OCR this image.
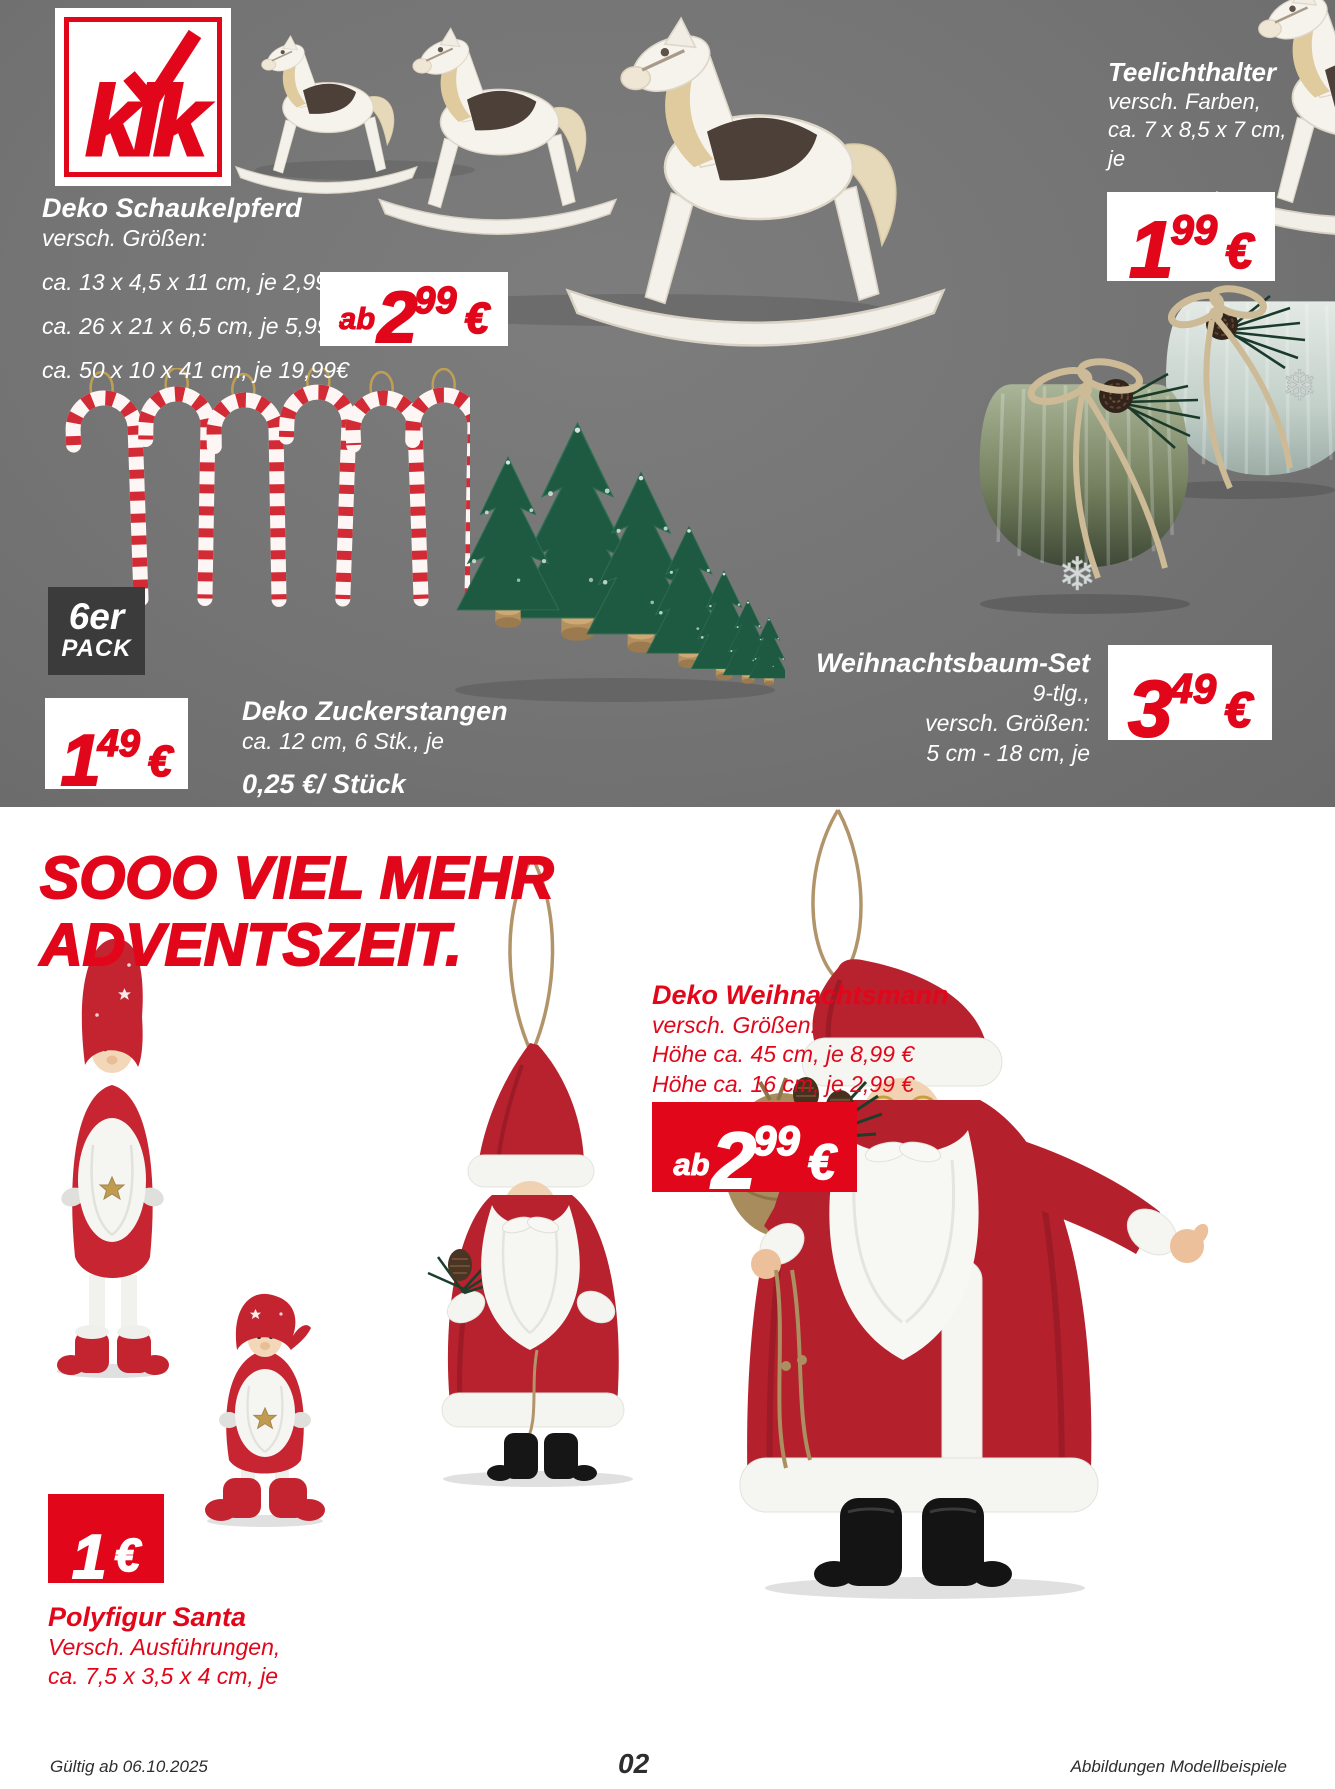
❄
❄
kik
Deko Schaukelpferd
versch. Größen:
ca. 13 x 4,5 x 11 cm, je 2,99€
ca. 26 x 21 x 6,5 cm, je 5,99€
ca. 50 x 10 x 41 cm, je 19,99€
ab 2 99 €
Teelichthalter
versch. Farben,
ca. 7 x 8,5 x 7 cm,
je
1 99 €
6er
PACK
1 49 €
Deko Zuckerstangen
ca. 12 cm, 6 Stk., je
0,25 €/ Stück
Weihnachtsbaum-Set
9-tlg.,
versch. Größen:
5 cm - 18 cm, je 3 49 €
SOOO VIEL MEHR
ADVENTSZEIT.
Deko Weihnachtsmann
versch. Größen:
Höhe ca. 45 cm, je 8,99 €
Höhe ca. 16 cm, je 2,99 €
ab 2 99 €
1 €
Polyfigur Santa
Versch. Ausführungen,
ca. 7,5 x 3,5 x 4 cm, je
Gültig ab 06.10.2025	02	Abbildungen Modellbeispiele
